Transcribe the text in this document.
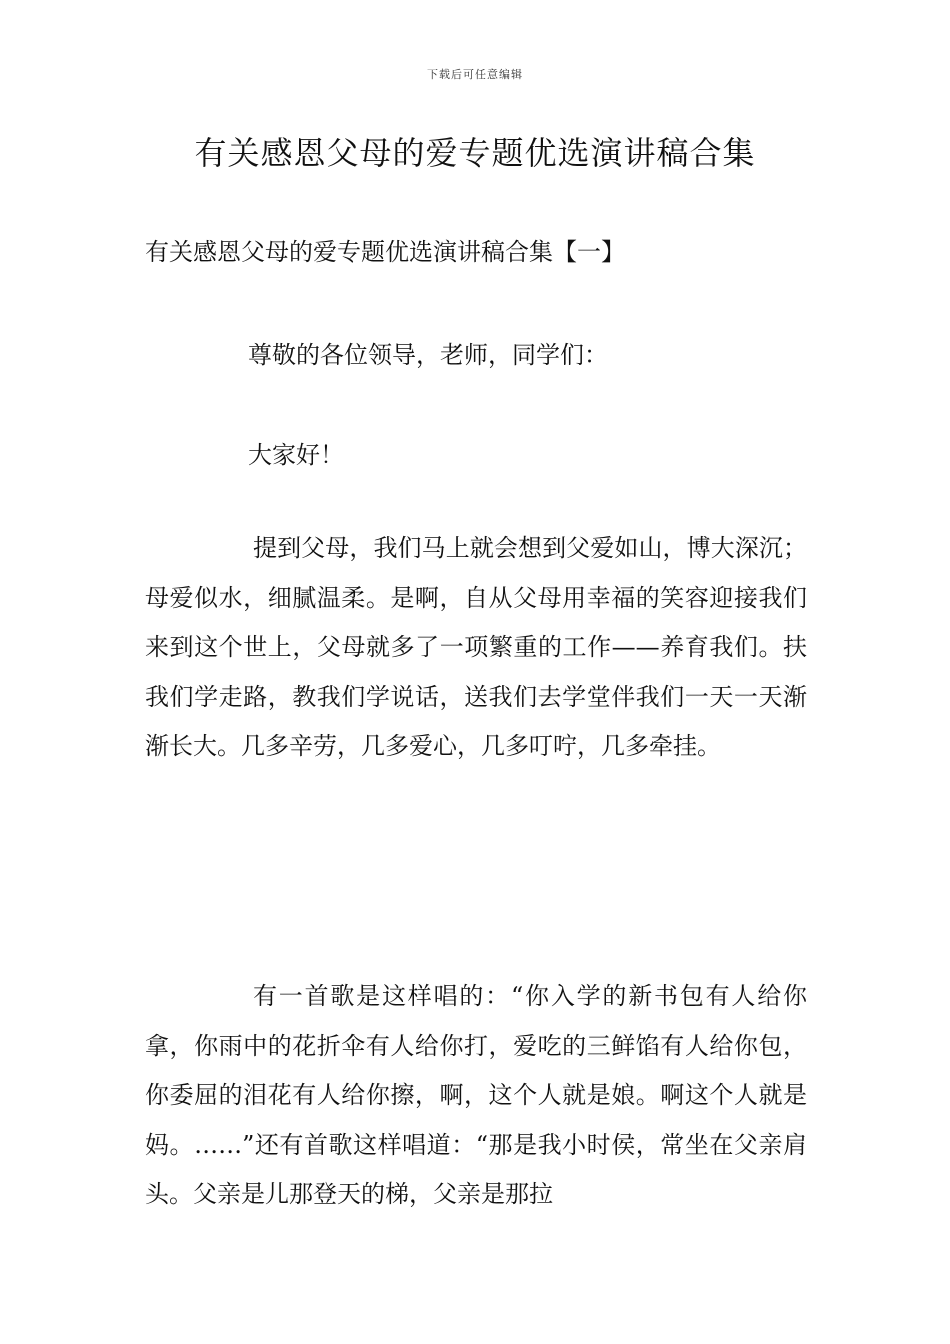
下载后可任意编辑
有关感恩父母的爱专题优选演讲稿合集
有关感恩父母的爱专题优选演讲稿合集【一】
尊敬的各位领导，老师，同学们：
大家好！

提到父母，我们马上就会想到父爱如山，博大深沉；母爱似水，细腻温柔。是啊，自从父母用幸福的笑容迎接我们来到这个世上，父母就多了一项繁重的工作——养育我们。扶我们学走路，教我们学说话，送我们去学堂伴我们一天一天渐渐长大。几多辛劳，几多爱心，几多叮咛，几多牵挂。

有一首歌是这样唱的：“你入学的新书包有人给你拿，你雨中的花折伞有人给你打，爱吃的三鲜馅有人给你包，你委屈的泪花有人给你擦，啊，这个人就是娘。啊这个人就是妈。……”还有首歌这样唱道：“那是我小时侯，常坐在父亲肩头。父亲是儿那登天的梯，父亲是那拉
